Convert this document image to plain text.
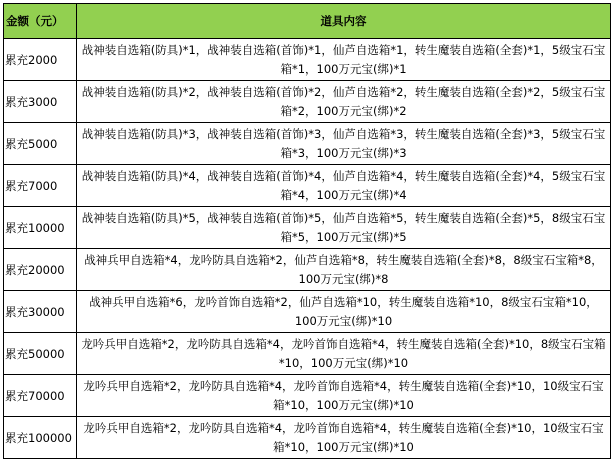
金额（元）	道具内容
累充2000	战神装自选箱(防具)*1，战神装自选箱(首饰)*1，仙芦自选箱*1，转生魔装自选箱(全套)*1，5级宝石宝箱*1，100万元宝(绑)*1
累充3000	战神装自选箱(防具)*2，战神装自选箱(首饰)*2，仙芦自选箱*2，转生魔装自选箱(全套)*2，5级宝石宝箱*2，100万元宝(绑)*2
累充5000	战神装自选箱(防具)*3，战神装自选箱(首饰)*3，仙芦自选箱*3，转生魔装自选箱(全套)*3，5级宝石宝箱*3，100万元宝(绑)*3
累充7000	战神装自选箱(防具)*4，战神装自选箱(首饰)*4，仙芦自选箱*4，转生魔装自选箱(全套)*4，5级宝石宝箱*4，100万元宝(绑)*4
累充10000	战神装自选箱(防具)*5，战神装自选箱(首饰)*5，仙芦自选箱*5，转生魔装自选箱(全套)*5，8级宝石宝箱*5，100万元宝(绑)*5
累充20000	战神兵甲自选箱*4，龙吟防具自选箱*2，仙芦自选箱*8，转生魔装自选箱(全套)*8，8级宝石宝箱*8，100万元宝(绑)*8
累充30000	战神兵甲自选箱*6，龙吟首饰自选箱*2，仙芦自选箱*10，转生魔装自选箱*10，8级宝石宝箱*10，100万元宝(绑)*10
累充50000	龙吟兵甲自选箱*2，龙吟防具自选箱*4，龙吟首饰自选箱*4，转生魔装自选箱(全套)*10，8级宝石宝箱*10，100万元宝(绑)*10
累充70000	龙吟兵甲自选箱*2，龙吟防具自选箱*4，龙吟首饰自选箱*4，转生魔装自选箱(全套)*10，10级宝石宝箱*10，100万元宝(绑)*10
累充100000	龙吟兵甲自选箱*2，龙吟防具自选箱*4，龙吟首饰自选箱*4，转生魔装自选箱(全套)*10，10级宝石宝箱*10，100万元宝(绑)*10
